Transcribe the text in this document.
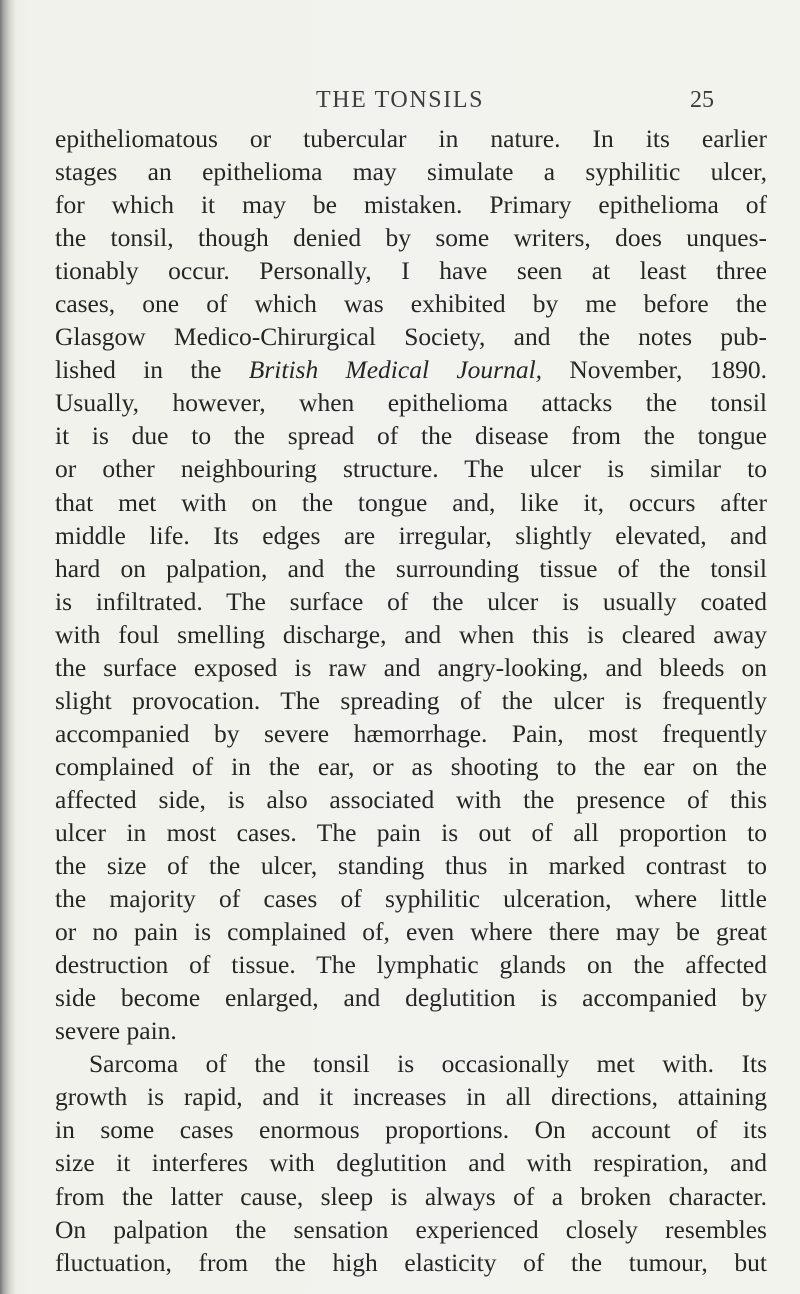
THE TONSILS	25
epitheliomatous or tubercular in nature. In its earlier
stages an epithelioma may simulate a syphilitic ulcer,
for which it may be mistaken. Primary epithelioma of
the tonsil, though denied by some writers, does unques-
tionably occur. Personally, I have seen at least three
cases, one of which was exhibited by me before the
Glasgow Medico-Chirurgical Society, and the notes pub-
lished in the British Medical Journal, November, 1890.
Usually, however, when epithelioma attacks the tonsil
it is due to the spread of the disease from the tongue
or other neighbouring structure. The ulcer is similar to
that met with on the tongue and, like it, occurs after
middle life. Its edges are irregular, slightly elevated, and
hard on palpation, and the surrounding tissue of the tonsil
is infiltrated. The surface of the ulcer is usually coated
with foul smelling discharge, and when this is cleared away
the surface exposed is raw and angry-looking, and bleeds on
slight provocation. The spreading of the ulcer is frequently
accompanied by severe hæmorrhage. Pain, most frequently
complained of in the ear, or as shooting to the ear on the
affected side, is also associated with the presence of this
ulcer in most cases. The pain is out of all proportion to
the size of the ulcer, standing thus in marked contrast to
the majority of cases of syphilitic ulceration, where little
or no pain is complained of, even where there may be great
destruction of tissue. The lymphatic glands on the affected
side become enlarged, and deglutition is accompanied by
severe pain.
Sarcoma of the tonsil is occasionally met with. Its
growth is rapid, and it increases in all directions, attaining
in some cases enormous proportions. On account of its
size it interferes with deglutition and with respiration, and
from the latter cause, sleep is always of a broken character.
On palpation the sensation experienced closely resembles
fluctuation, from the high elasticity of the tumour, but
